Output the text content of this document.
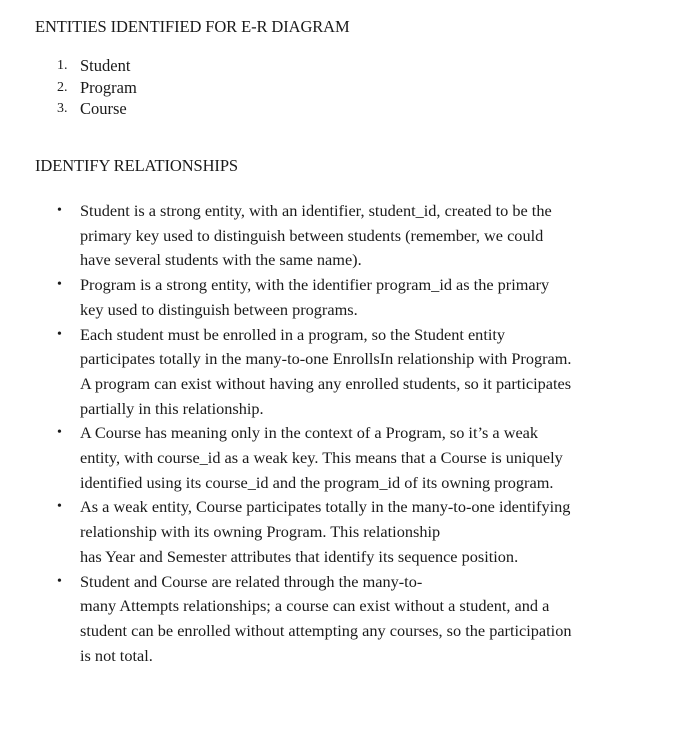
ENTITIES IDENTIFIED FOR E-R DIAGRAM
1. Student
2. Program
3. Course
IDENTIFY RELATIONSHIPS
• Student is a strong entity, with an identifier, student_id, created to be the
primary key used to distinguish between students (remember, we could
have several students with the same name).
• Program is a strong entity, with the identifier program_id as the primary
key used to distinguish between programs.
• Each student must be enrolled in a program, so the Student entity
participates totally in the many-to-one EnrollsIn relationship with Program.
A program can exist without having any enrolled students, so it participates
partially in this relationship.
• A Course has meaning only in the context of a Program, so it’s a weak
entity, with course_id as a weak key. This means that a Course is uniquely
identified using its course_id and the program_id of its owning program.
• As a weak entity, Course participates totally in the many-to-one identifying
relationship with its owning Program. This relationship
has Year and Semester attributes that identify its sequence position.
• Student and Course are related through the many-to-
many Attempts relationships; a course can exist without a student, and a
student can be enrolled without attempting any courses, so the participation
is not total.
